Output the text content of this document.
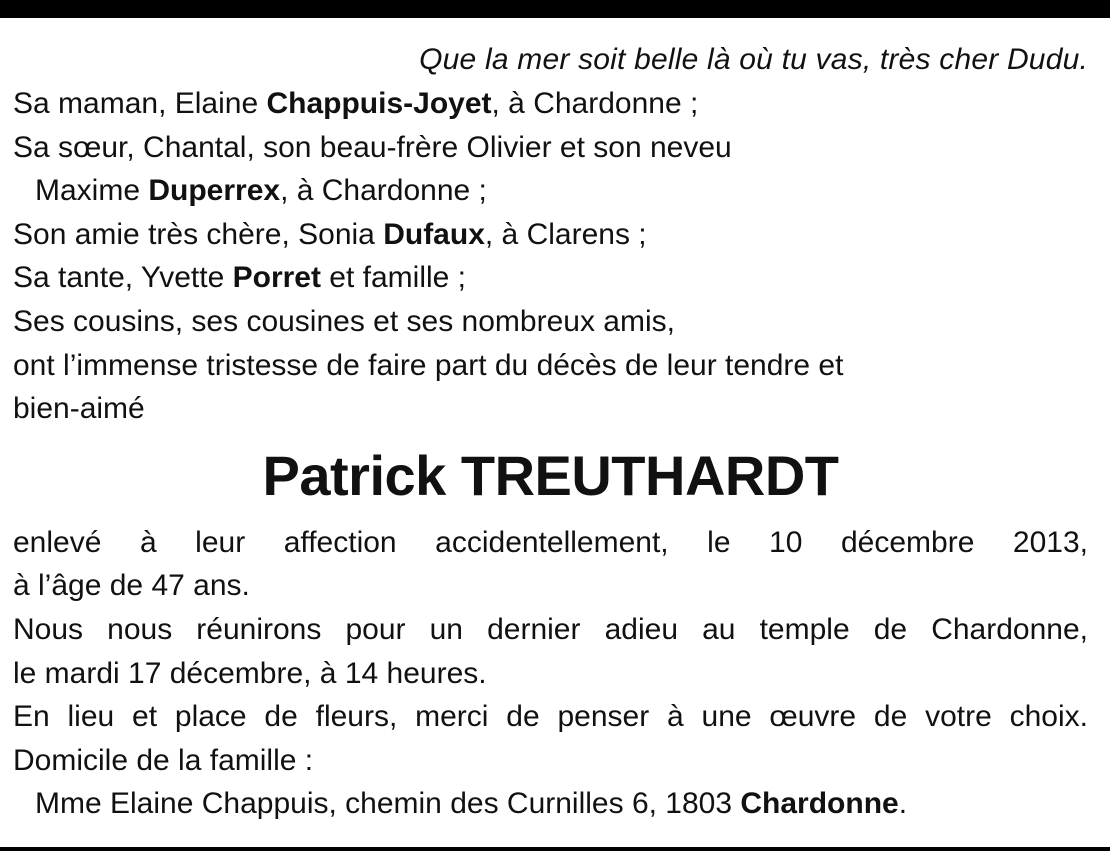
Que la mer soit belle là où tu vas, très cher Dudu.
Sa maman, Elaine Chappuis-Joyet, à Chardonne ;
Sa sœur, Chantal, son beau-frère Olivier et son neveu
Maxime Duperrex, à Chardonne ;
Son amie très chère, Sonia Dufaux, à Clarens ;
Sa tante, Yvette Porret et famille ;
Ses cousins, ses cousines et ses nombreux amis,
ont l’immense tristesse de faire part du décès de leur tendre et
bien-aimé
Patrick TREUTHARDT
enlevé à leur affection accidentellement, le 10 décembre 2013,
à l’âge de 47 ans.
Nous nous réunirons pour un dernier adieu au temple de Chardonne,
le mardi 17 décembre, à 14 heures.
En lieu et place de fleurs, merci de penser à une œuvre de votre choix.
Domicile de la famille :
Mme Elaine Chappuis, chemin des Curnilles 6, 1803 Chardonne.
